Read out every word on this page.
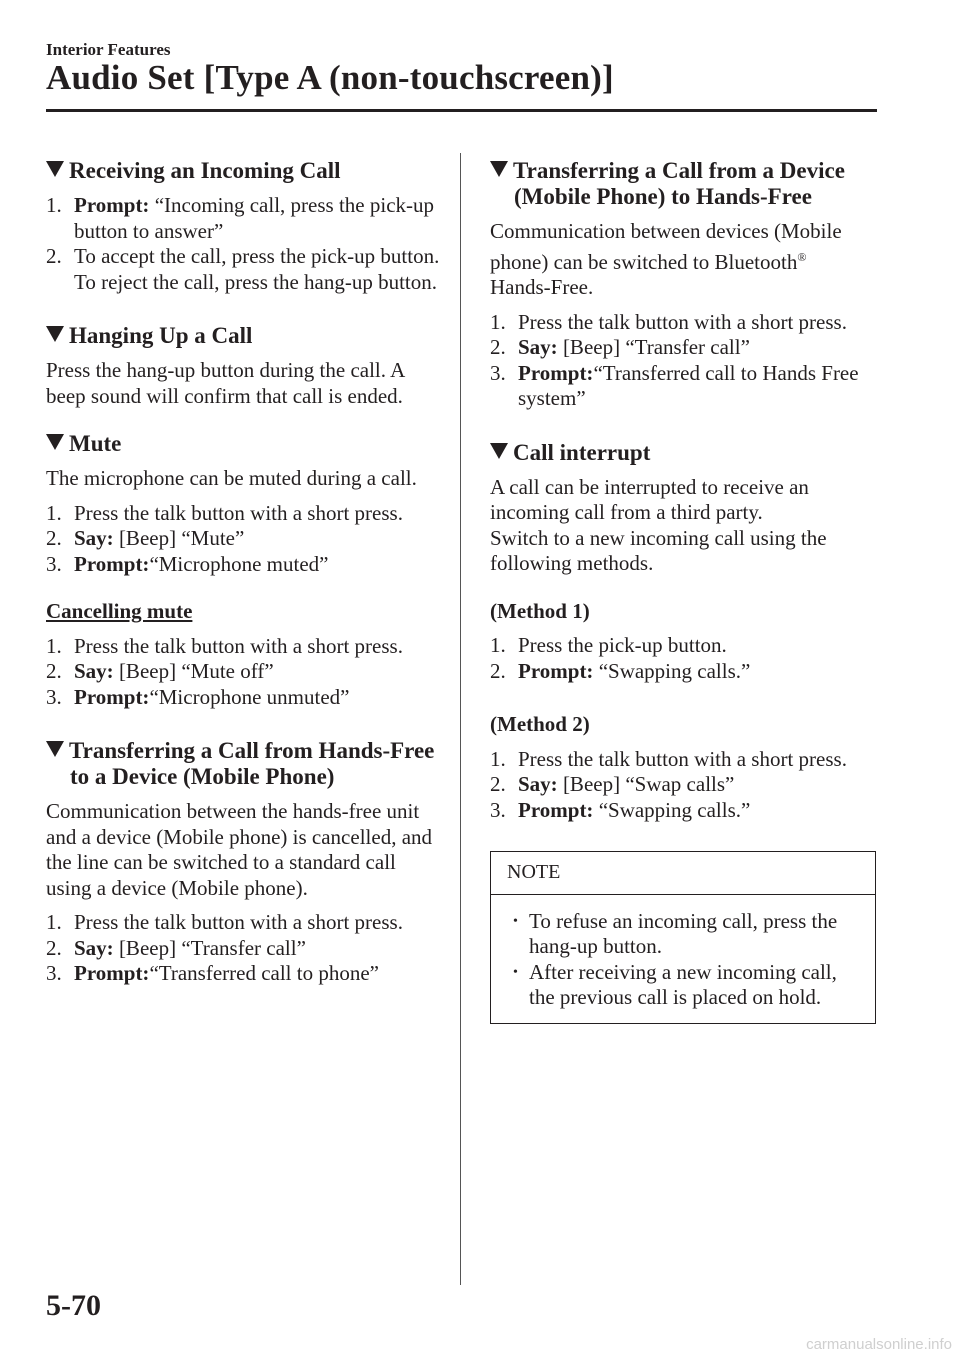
Interior Features
Audio Set [Type A (non-touchscreen)]
Receiving an Incoming Call
1. Prompt: “Incoming call, press the pick-up button to answer”
2. To accept the call, press the pick-up button.
To reject the call, press the hang-up button.
Hanging Up a Call

Press the hang-up button during the call. A beep sound will confirm that call is ended.

Mute

The microphone can be muted during a call.

1. Press the talk button with a short press.
2. Say: [Beep] “Mute”
3. Prompt:“Microphone muted”

Cancelling mute

1. Press the talk button with a short press.
2. Say: [Beep] “Mute off”
3. Prompt:“Microphone unmuted”
Transferring a Call from Hands-Free to a Device (Mobile Phone)

Communication between the hands-free unit and a device (Mobile phone) is cancelled, and the line can be switched to a standard call using a device (Mobile phone).

1. Press the talk button with a short press.
2. Say: [Beep] “Transfer call”
3. Prompt:“Transferred call to phone”
Transferring a Call from a Device (Mobile Phone) to Hands-Free

Communication between devices (Mobile phone) can be switched to Bluetooth®
Hands-Free.

1. Press the talk button with a short press.
2. Say: [Beep] “Transfer call”
3. Prompt:“Transferred call to Hands Free system”
Call interrupt

A call can be interrupted to receive an incoming call from a third party.

Switch to a new incoming call using the following methods.

(Method 1)

1. Press the pick-up button.
2. Prompt: “Swapping calls.”

(Method 2)

1. Press the talk button with a short press.
2. Say: [Beep] “Swap calls”
3. Prompt: “Swapping calls.”
NOTE
• To refuse an incoming call, press the hang-up button.
• After receiving a new incoming call, the previous call is placed on hold.
5-70
carmanualsonline.info
